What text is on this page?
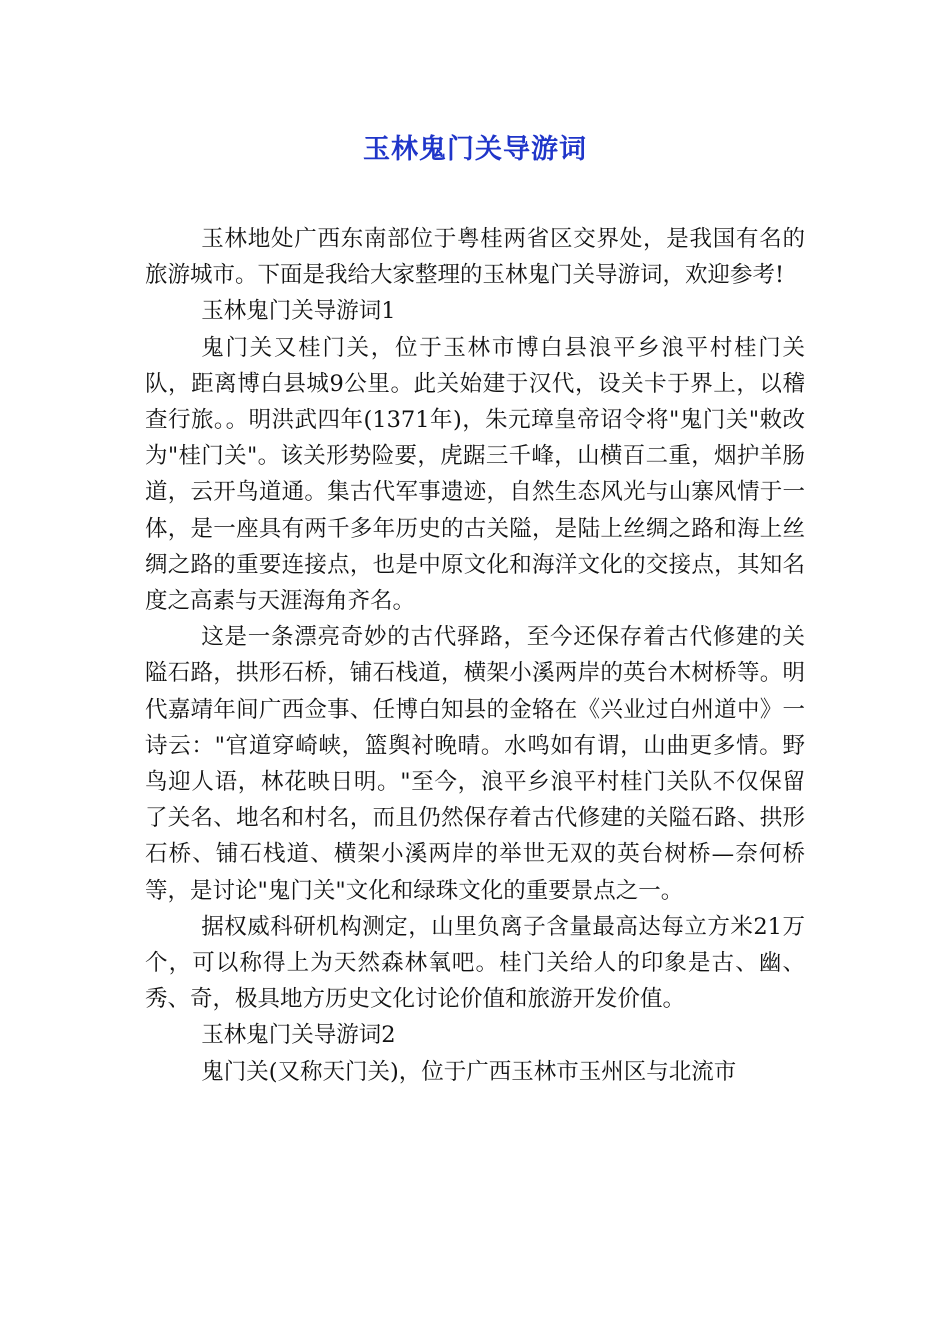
玉林鬼门关导游词

玉林地处广西东南部位于粤桂两省区交界处，是我国有名的旅游城市。下面是我给大家整理的玉林鬼门关导游词，欢迎参考!

玉林鬼门关导游词1

鬼门关又桂门关，位于玉林市博白县浪平乡浪平村桂门关队，距离博白县城9公里。此关始建于汉代，设关卡于界上，以稽查行旅。。明洪武四年(1371年)，朱元璋皇帝诏令将"鬼门关"敕改为"桂门关"。该关形势险要，虎踞三千峰，山横百二重，烟护羊肠道，云开鸟道通。集古代军事遗迹，自然生态风光与山寨风情于一体，是一座具有两千多年历史的古关隘，是陆上丝绸之路和海上丝绸之路的重要连接点，也是中原文化和海洋文化的交接点，其知名度之高素与天涯海角齐名。

这是一条漂亮奇妙的古代驿路，至今还保存着古代修建的关隘石路，拱形石桥，铺石栈道，横架小溪两岸的英台木树桥等。明代嘉靖年间广西佥事、任博白知县的金辂在《兴业过白州道中》一诗云："官道穿崎峡，篮舆衬晚晴。水鸣如有谓，山曲更多情。野鸟迎人语，林花映日明。"至今，浪平乡浪平村桂门关队不仅保留了关名、地名和村名，而且仍然保存着古代修建的关隘石路、拱形石桥、铺石栈道、横架小溪两岸的举世无双的英台树桥—奈何桥等，是讨论"鬼门关"文化和绿珠文化的重要景点之一。

据权威科研机构测定，山里负离子含量最高达每立方米21万个，可以称得上为天然森林氧吧。桂门关给人的印象是古、幽、秀、奇，极具地方历史文化讨论价值和旅游开发价值。

玉林鬼门关导游词2

鬼门关(又称天门关)，位于广西玉林市玉州区与北流市
